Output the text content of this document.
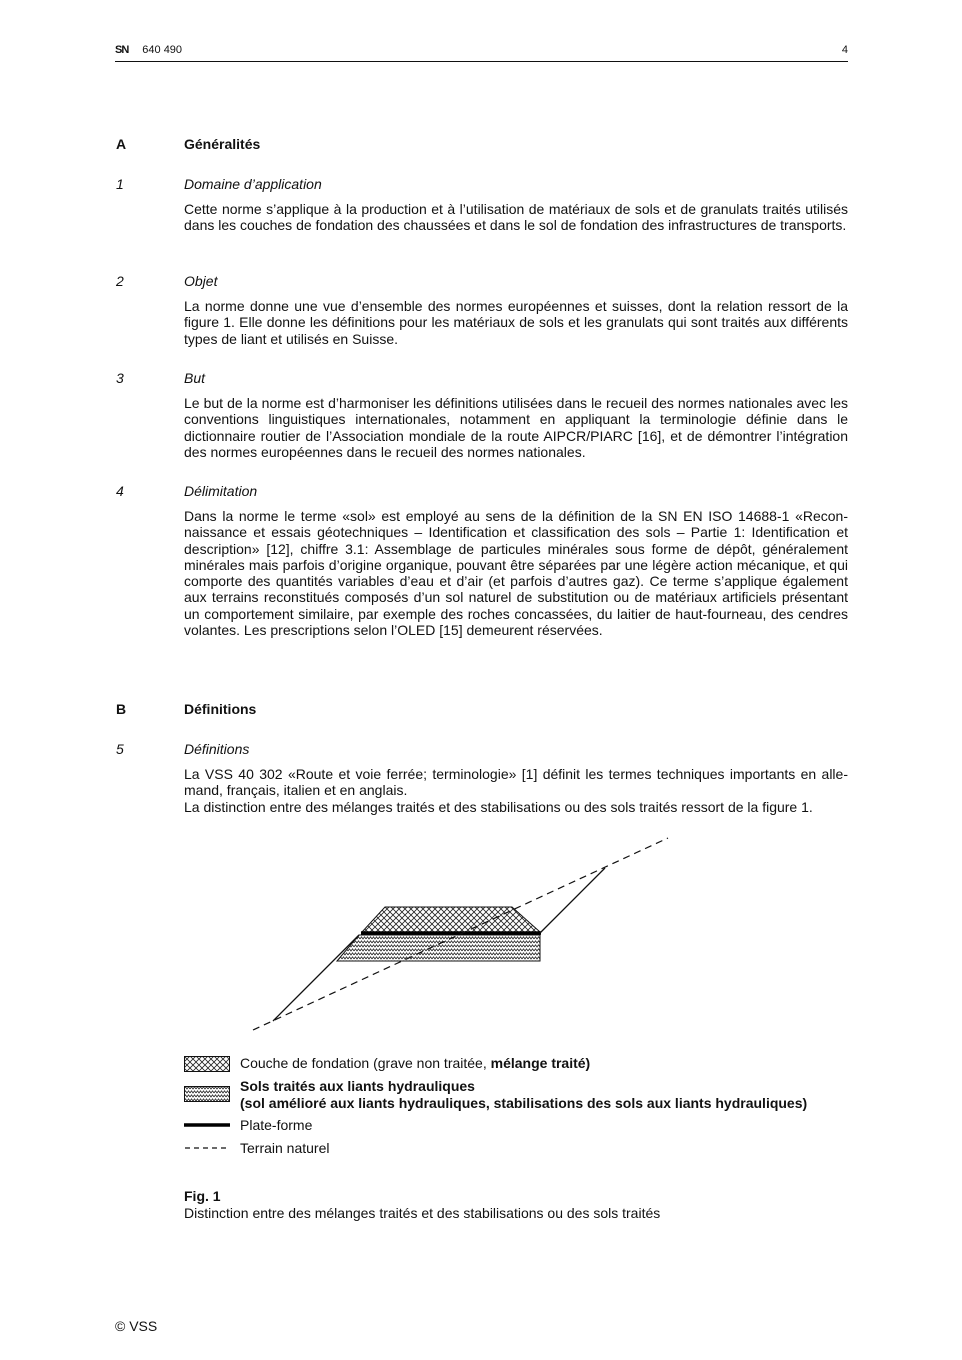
SN 640 490	4
A	Généralités
1	Domaine d’application
Cette norme s’applique à la production et à l’utilisation de matériaux de sols et de granulats traités utilisés dans les couches de fondation des chaussées et dans le sol de fondation des infrastructures de transports.
2	Objet
La norme donne une vue d’ensemble des normes européennes et suisses, dont la relation ressort de la figure 1. Elle donne les définitions pour les matériaux de sols et les granulats qui sont traités aux différents types de liant et utilisés en Suisse.
3	But
Le but de la norme est d’harmoniser les définitions utilisées dans le recueil des normes nationales avec les conventions linguistiques internationales, notamment en appliquant la terminologie définie dans le dictionnaire routier de l’Association mondiale de la route AIPCR/PIARC [16], et de démontrer l’intégration des normes européennes dans le recueil des normes nationales.
4	Délimitation
Dans la norme le terme «sol» est employé au sens de la définition de la SN EN ISO 14688-1 «Reconnaissance et essais géotechniques – Identification et classification des sols – Partie 1: Identification et description» [12], chiffre 3.1: Assemblage de particules minérales sous forme de dépôt, généralement minérales mais parfois d’origine organique, pouvant être séparées par une légère action mécanique, et qui comporte des quantités variables d’eau et d’air (et parfois d’autres gaz). Ce terme s’applique également aux terrains reconstitués composés d’un sol naturel de substitution ou de matériaux artificiels présentant un comportement similaire, par exemple des roches concassées, du laitier de haut-fourneau, des cendres volantes. Les prescriptions selon l’OLED [15] demeurent réservées.
B	Définitions
5	Définitions
La VSS 40 302 «Route et voie ferrée; terminologie» [1] définit les termes techniques importants en allemand, français, italien et en anglais.
La distinction entre des mélanges traités et des stabilisations ou des sols traités ressort de la figure 1.
Couche de fondation (grave non traitée, mélange traité)
Sols traités aux liants hydrauliques
(sol amélioré aux liants hydrauliques, stabilisations des sols aux liants hydrauliques)
Plate-forme
Terrain naturel
Fig. 1
Distinction entre des mélanges traités et des stabilisations ou des sols traités
© VSS
